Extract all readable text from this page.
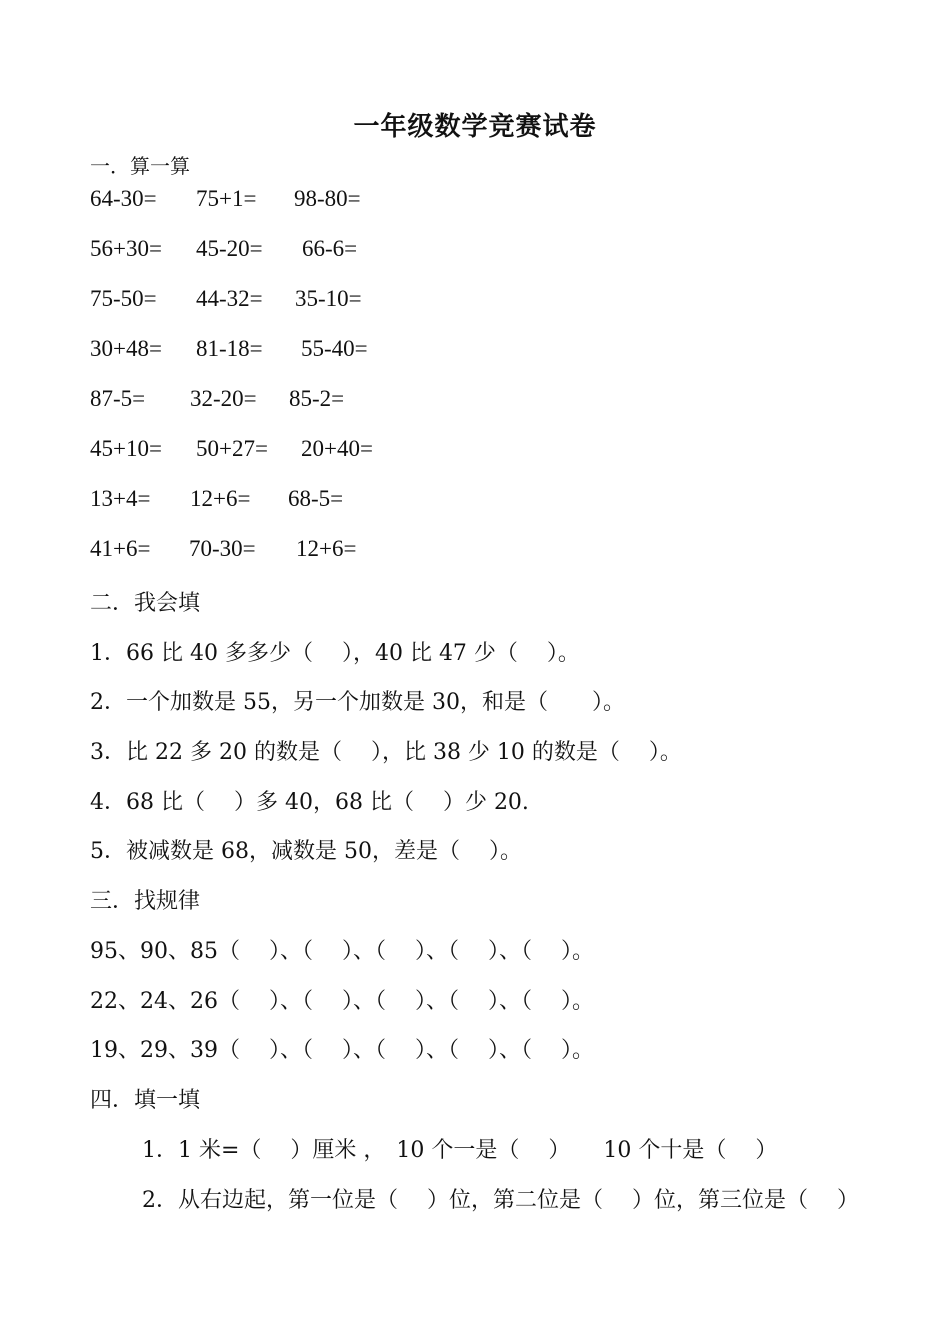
一年级数学竞赛试卷
一．算一算
64-30= 75+1= 98-80=
56+30= 45-20= 66-6=
75-50= 44-32= 35-10=
30+48= 81-18= 55-40=
87-5= 32-20= 85-2=
45+10= 50+27= 20+40=
13+4= 12+6= 68-5=
41+6= 70-30= 12+6=
二．我会填
1．66 比 40 多多少（　 ），40 比 47 少（　 ）。
2．一个加数是 55，另一个加数是 30，和是（　　）。
3．比 22 多 20 的数是（　 ），比 38 少 10 的数是（　 ）。
4．68 比（　 ）多 40，68 比（　 ）少 20.
5．被减数是 68，减数是 50，差是（　 ）。
三．找规律
95、90、85（　 ）、（　 ）、（　 ）、（　 ）、（　 ）。
22、24、26（　 ）、（　 ）、（　 ）、（　 ）、（　 ）。
19、29、39（　 ）、（　 ）、（　 ）、（　 ）、（　 ）。
四．填一填
1．1 米=（　 ）厘米 ，　10 个一是（　 ）　　10 个十是（　 ）
2．从右边起，第一位是（　 ）位，第二位是（　 ）位，第三位是（　 ）
